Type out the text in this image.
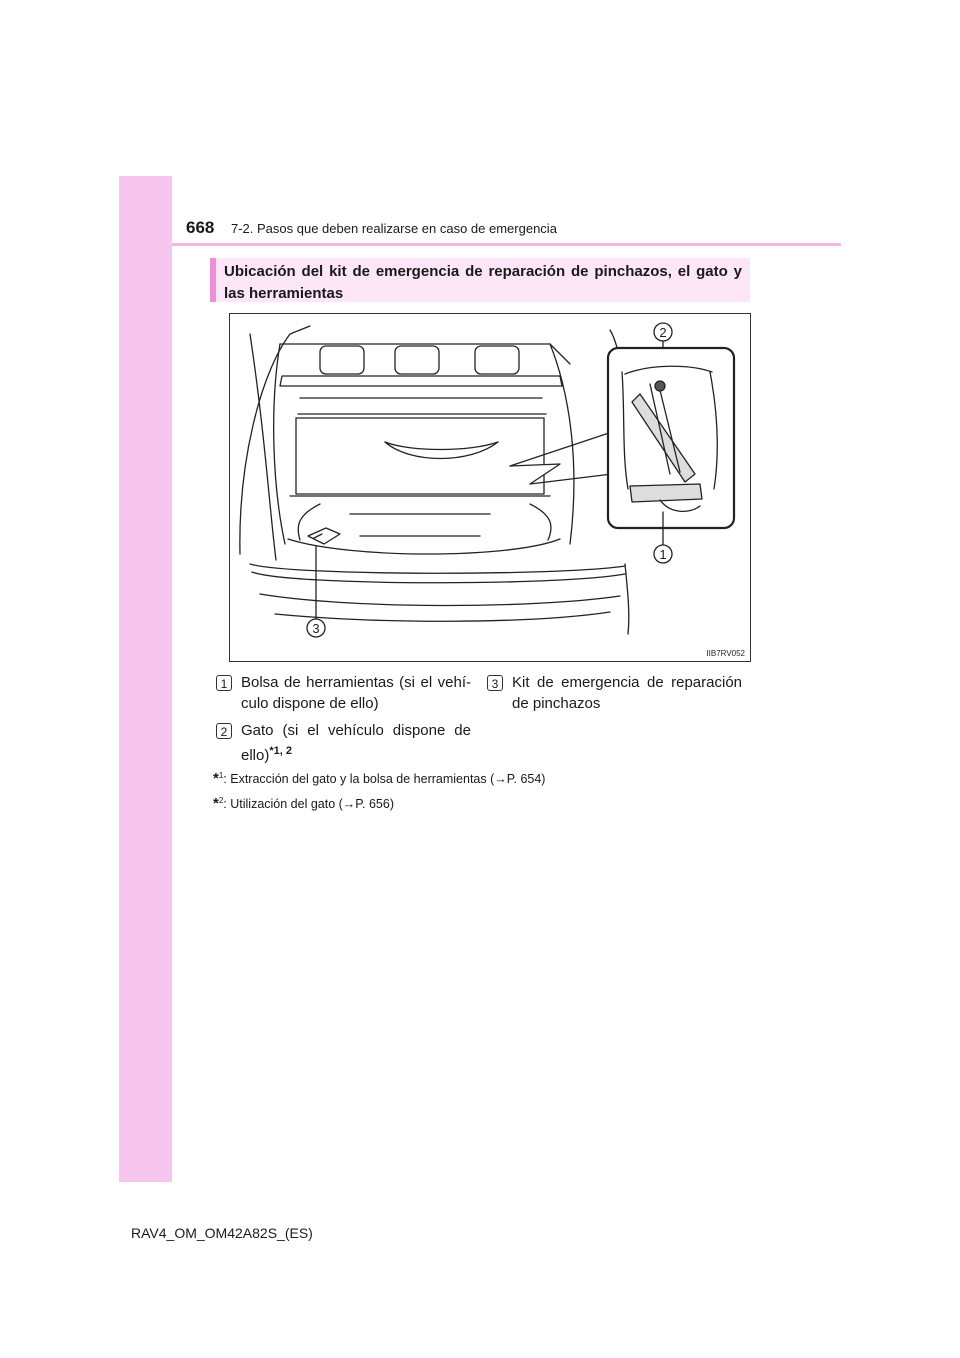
668 7-2. Pasos que deben realizarse en caso de emergencia
Ubicación del kit de emergencia de reparación de pinchazos, el gato y las herramientas
2
1
3
IIB7RV052
1 Bolsa de herramientas (si el vehí-culo dispone de ello)
2 Gato (si el vehículo dispone de ello)$^{*1, 2}$
3 Kit de emergencia de reparación de pinchazos
*$^1$: Extracción del gato y la bolsa de herramientas (→P. 654)
*$^2$: Utilización del gato (→P. 656)
RAV4_OM_OM42A82S_(ES)
